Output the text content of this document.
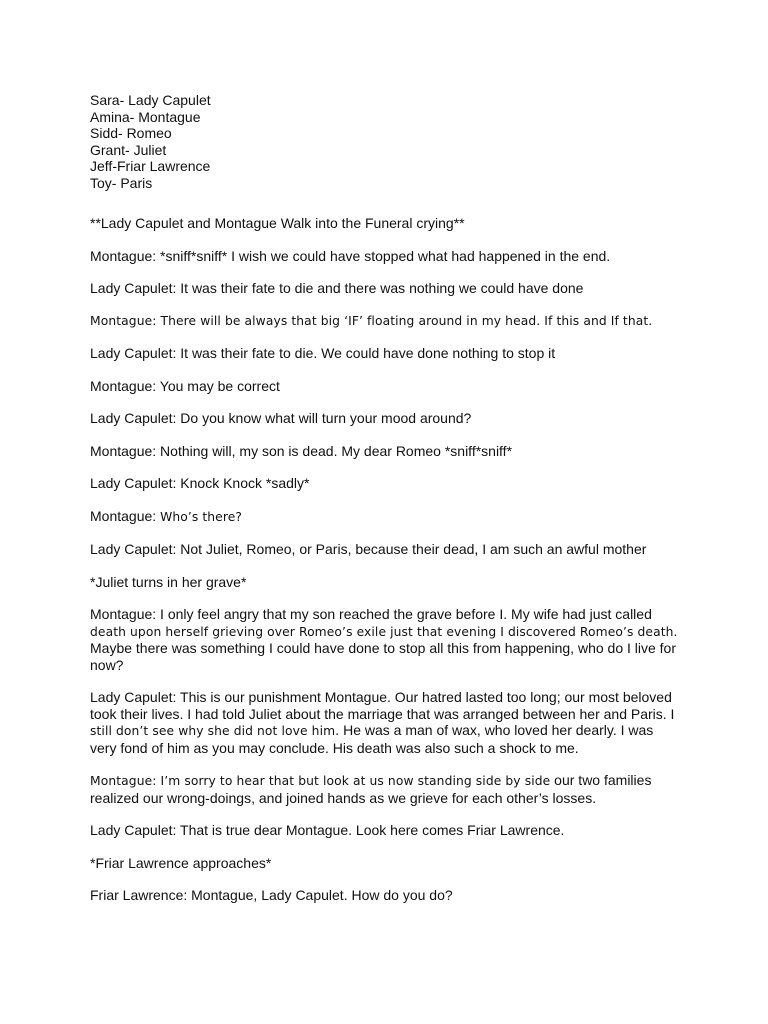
Sara- Lady Capulet

Amina- Montague

Sidd- Romeo

Grant- Juliet

Jeff-Friar Lawrence

Toy- Paris

**Lady Capulet and Montague Walk into the Funeral crying**

Montague: *sniff*sniff* I wish we could have stopped what had happened in the end.

Lady Capulet: It was their fate to die and there was nothing we could have done

Montague: There will be always that big ‘IF’ floating around in my head. If this and If that.

Lady Capulet: It was their fate to die. We could have done nothing to stop it

Montague: You may be correct

Lady Capulet: Do you know what will turn your mood around?

Montague: Nothing will, my son is dead. My dear Romeo *sniff*sniff*

Lady Capulet: Knock Knock *sadly*

Montague: Who’s there?

Lady Capulet: Not Juliet, Romeo, or Paris, because their dead, I am such an awful mother

*Juliet turns in her grave*

Montague: I only feel angry that my son reached the grave before I. My wife had just called
death upon herself grieving over Romeo’s exile just that evening I discovered Romeo’s death.
Maybe there was something I could have done to stop all this from happening, who do I live for now?

Lady Capulet: This is our punishment Montague. Our hatred lasted too long; our most beloved took their lives. I had told Juliet about the marriage that was arranged between her and Paris. I
still don’t see why she did not love him. He was a man of wax, who loved her dearly. I was very fond of him as you may conclude. His death was also such a shock to me.

Montague: I’m sorry to hear that but look at us now standing side by side our two families realized our wrong-doings, and joined hands as we grieve for each other’s losses.

Lady Capulet: That is true dear Montague. Look here comes Friar Lawrence.

*Friar Lawrence approaches*

Friar Lawrence: Montague, Lady Capulet. How do you do?
